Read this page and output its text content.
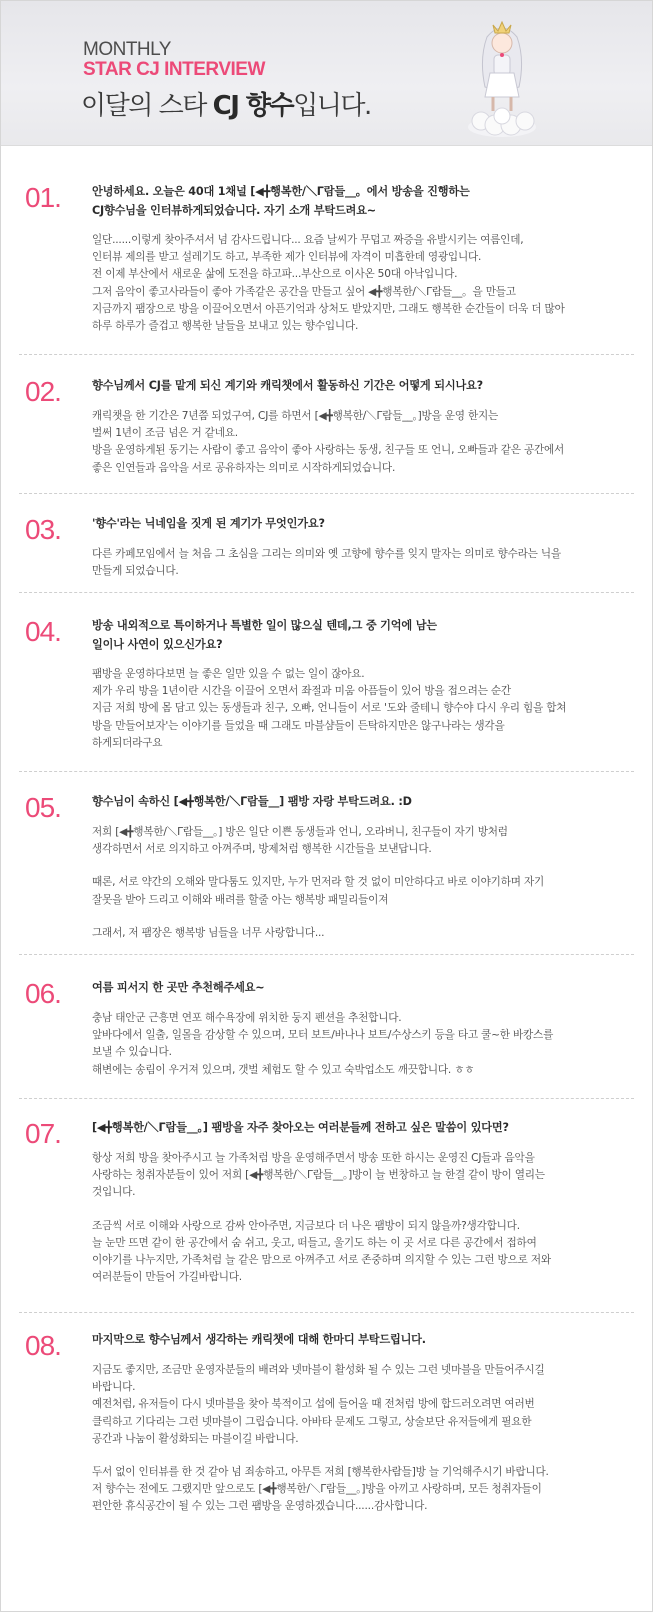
MONTHLY
STAR CJ INTERVIEW
이달의 스타 CJ 향수입니다.
01.	안녕하세요. 오늘은 40대 1채널 [◀╋행복한/＼Γ람들__。에서 방송을 진행하는
CJ향수님을 인터뷰하게되었습니다. 자기 소개 부탁드려요~

일단......이렇게 찾아주셔서 넘 감사드립니다... 요즘 날씨가 무덥고 짜증을 유발시키는 여름인데,

인터뷰 제의를 받고 설레기도 하고, 부족한 제가 인터뷰에 자격이 미흡한데 영광입니다.

전 이제 부산에서 새로운 삶에 도전을 하고파...부산으로 이사온 50대 아낙입니다.

그저 음악이 좋고사라들이 좋아 가족같은 공간을 만들고 싶어 ◀╋행복한/＼Γ람들__。을 만들고

지금까지 팸장으로 방을 이끌어오면서 아픈기억과 상처도 받았지만, 그래도 행복한 순간들이 더욱 더 많아

하루 하루가 즐겁고 행복한 날들을 보내고 있는 향수입니다.

02.	향수님께서 CJ를 맡게 되신 계기와 캐릭챗에서 활동하신 기간은 어떻게 되시나요?

캐릭챗을 한 기간은 7년쯤 되었구여, CJ를 하면서 [◀╋행복한/＼Γ람들__。]방을 운영 한지는

벌써 1년이 조금 넘은 거 같네요.

방을 운영하게된 동기는 사람이 좋고 음악이 좋아 사랑하는 동생, 친구들 또 언니, 오빠들과 같은 공간에서

좋은 인연들과 음악을 서로 공유하자는 의미로 시작하게되었습니다.

03.	'향수'라는 닉네임을 짓게 된 계기가 무엇인가요?

다른 카페모임에서 늘 처음 그 초심을 그리는 의미와 옛 고향에 향수를 잊지 말자는 의미로 향수라는 닉을

만들게 되었습니다.

04.	방송 내외적으로 특이하거나 특별한 일이 많으실 텐데,그 중 기억에 남는
일이나 사연이 있으신가요?

팸방을 운영하다보면 늘 좋은 일만 있을 수 없는 일이 잖아요.

제가 우리 방을 1년이란 시간을 이끌어 오면서 좌절과 미움 아픔들이 있어 방을 접으려는 순간

지금 저희 방에 몸 담고 있는 동생들과 친구, 오빠, 언니들이 서로 '도와 줄테니 향수야 다시 우리 힘을 합쳐

방을 만들어보자'는 이야기를 들었을 때 그래도 마블샴들이 든탁하지만은 않구나라는 생각을

하게되더라구요

05.	향수님이 속하신 [◀╋행복한/＼Γ람들__] 팸방 자랑 부탁드려요. :D

저희 [◀╋행복한/＼Γ람들__。] 방은 일단 이쁜 동생들과 언니, 오라버니, 친구들이 자기 방처럼

생각하면서 서로 의지하고 아껴주며, 방제처럼 행복한 시간들을 보낸답니다.

때론, 서로 약간의 오해와 말다툼도 있지만, 누가 먼저라 할 것 없이 미안하다고 바로 이야기하며 자기

잘못을 받아 드리고 이해와 배려를 할줄 아는 행복방 패밀리들이져

그래서, 저 팸장은 행복방 님들을 너무 사랑합니다...

06.	여름 피서지 한 곳만 추천해주세요~

충남 태안군 근흥면 연포 해수욕장에 위치한 둥지 펜션을 추천합니다.

앞바다에서 일출, 일몰을 감상할 수 있으며, 모터 보트/바나나 보트/수상스키 등을 타고 쿨~한 바캉스를

보낼 수 있습니다.

해변에는 송림이 우거져 있으며, 갯벌 체험도 할 수 있고 숙박업소도 깨끗합니다. ㅎㅎ

07.	[◀╋행복한/＼Γ람들__。] 팸방을 자주 찾아오는 여러분들께 전하고 싶은 말씀이 있다면?

항상 저희 방을 찾아주시고 늘 가족처럼 방을 운영해주면서 방송 또한 하시는 운영진 CJ들과 음악을

사랑하는 청취자분들이 있어 저희 [◀╋행복한/＼Γ람들__。]방이 늘 번창하고 늘 한결 같이 방이 열리는

것입니다.

조금씩 서로 이해와 사랑으로 감싸 안아주면, 지금보다 더 나은 팸방이 되지 않을까?생각합니다.

늘 눈만 뜨면 같이 한 공간에서 숨 쉬고, 웃고, 떠들고, 울기도 하는 이 곳 서로 다른 공간에서 접하여

이야기를 나누지만, 가족처럼 늘 같은 맘으로 아껴주고 서로 존중하며 의지할 수 있는 그런 방으로 저와

여러분들이 만들어 가길바랍니다.

08.	마지막으로 향수님께서 생각하는 캐릭챗에 대해 한마디 부탁드립니다.

지금도 좋지만, 조금만 운영자분들의 배려와 넷마블이 활성화 될 수 있는 그런 넷마블을 만들어주시길

바랍니다.

예전처럼, 유저들이 다시 넷마블을 찾아 북적이고 섭에 들어올 때 전처럼 방에 합드러오려면 여러번

클릭하고 기다리는 그런 넷마블이 그립습니다. 아바타 문제도 그렇고, 상술보단 유저들에게 필요한

공간과 나눔이 활성화되는 마블이길 바랍니다.

두서 없이 인터뷰를 한 것 같아 넘 죄송하고, 아무튼 저희 [행복한사람들]방 늘 기억해주시기 바랍니다.

저 향수는 전에도 그랬지만 앞으로도 [◀╋행복한/＼Γ람들__。]방을 아끼고 사랑하며, 모든 청취자들이

편안한 휴식공간이 될 수 있는 그런 팸방을 운영하겠습니다......감사합니다.
